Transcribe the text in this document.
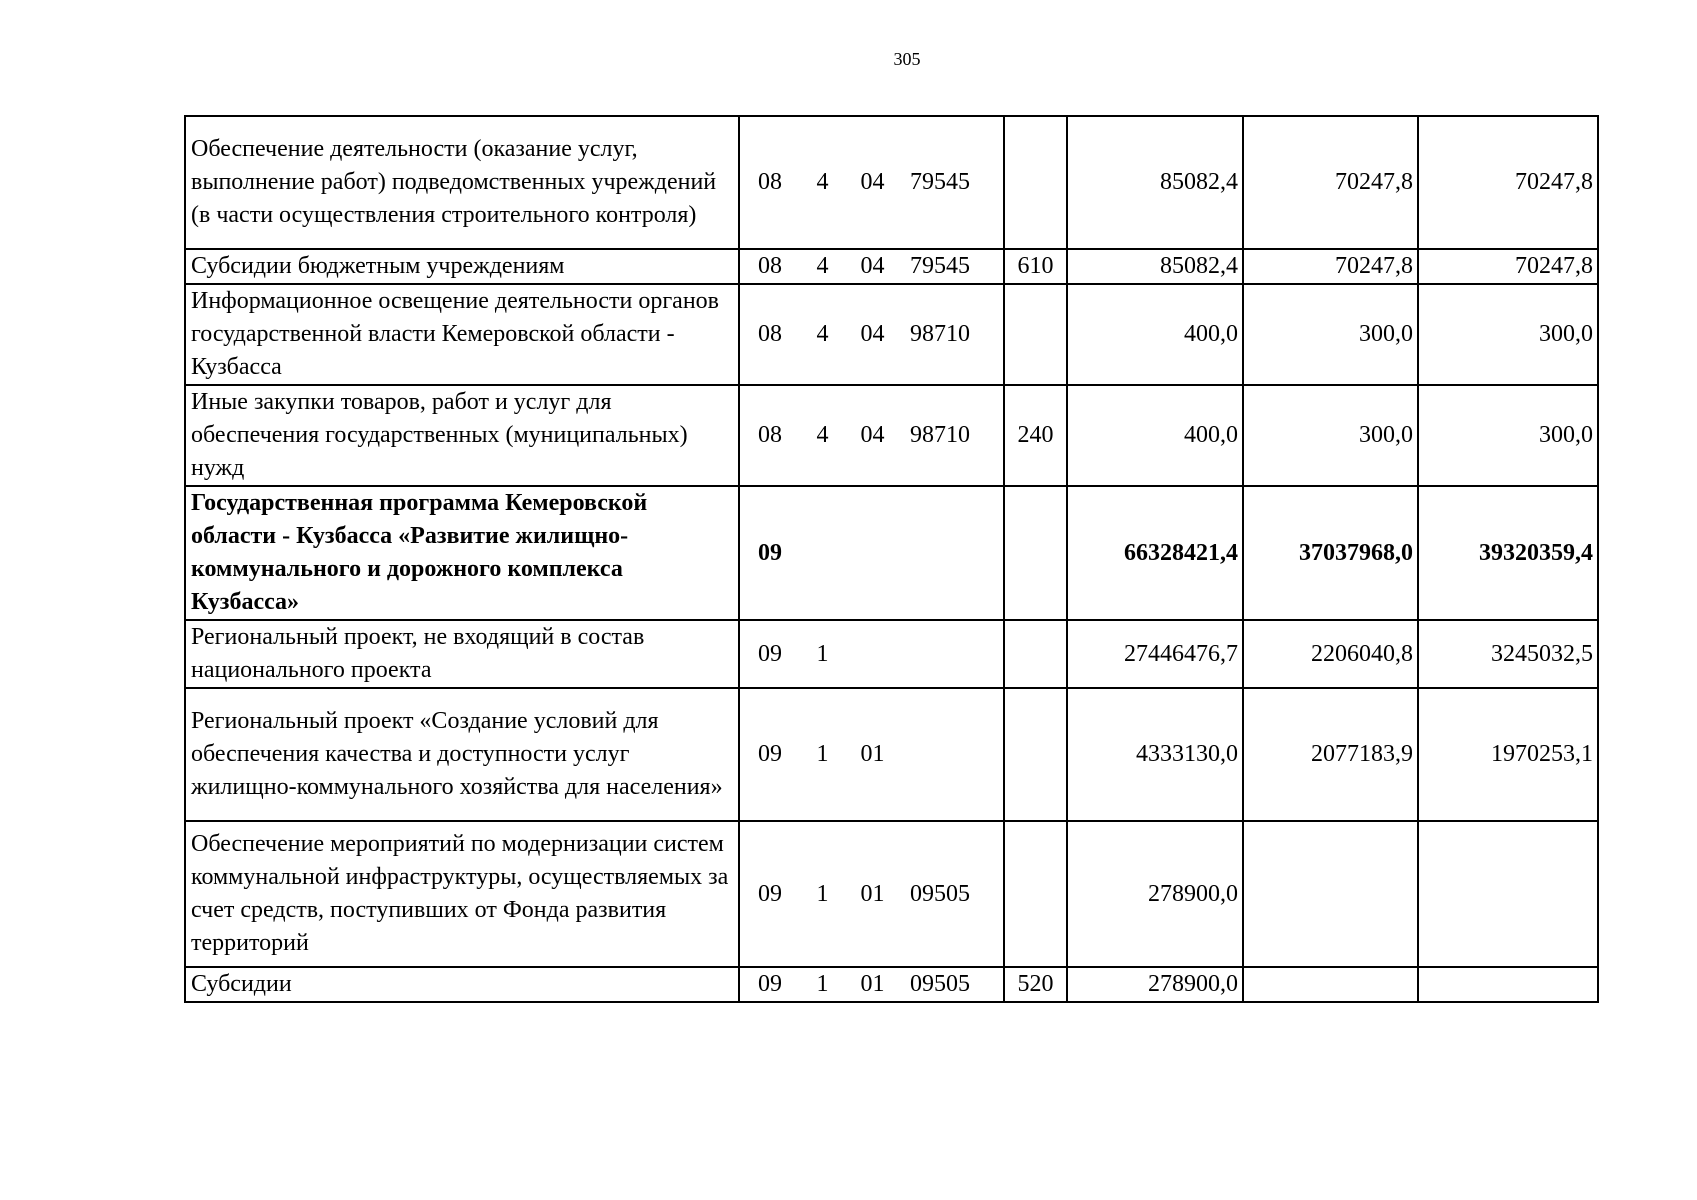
305
Обеспечение деятельности (оказание услуг, выполнение работ) подведомственных учреждений (в части осуществления строительного контроля)	08 4 04 79545		85082,4	70247,8	70247,8
Субсидии бюджетным учреждениям	08 4 04 79545	610	85082,4	70247,8	70247,8
Информационное освещение деятельности органов государственной власти Кемеровской области - Кузбасса	08 4 04 98710		400,0	300,0	300,0
Иные закупки товаров, работ и услуг для обеспечения государственных (муниципальных) нужд	08 4 04 98710	240	400,0	300,0	300,0
Государственная программа Кемеровской области - Кузбасса «Развитие жилищно-коммунального и дорожного комплекса Кузбасса»	09		66328421,4	37037968,0	39320359,4
Региональный проект, не входящий в состав национального проекта	09 1		27446476,7	2206040,8	3245032,5
Региональный проект «Создание условий для обеспечения качества и доступности услуг жилищно-коммунального хозяйства для населения»	09 1 01		4333130,0	2077183,9	1970253,1
Обеспечение мероприятий по модернизации систем коммунальной инфраструктуры, осуществляемых за счет средств, поступивших от Фонда развития территорий	09 1 01 09505		278900,0		
Субсидии	09 1 01 09505	520	278900,0		
